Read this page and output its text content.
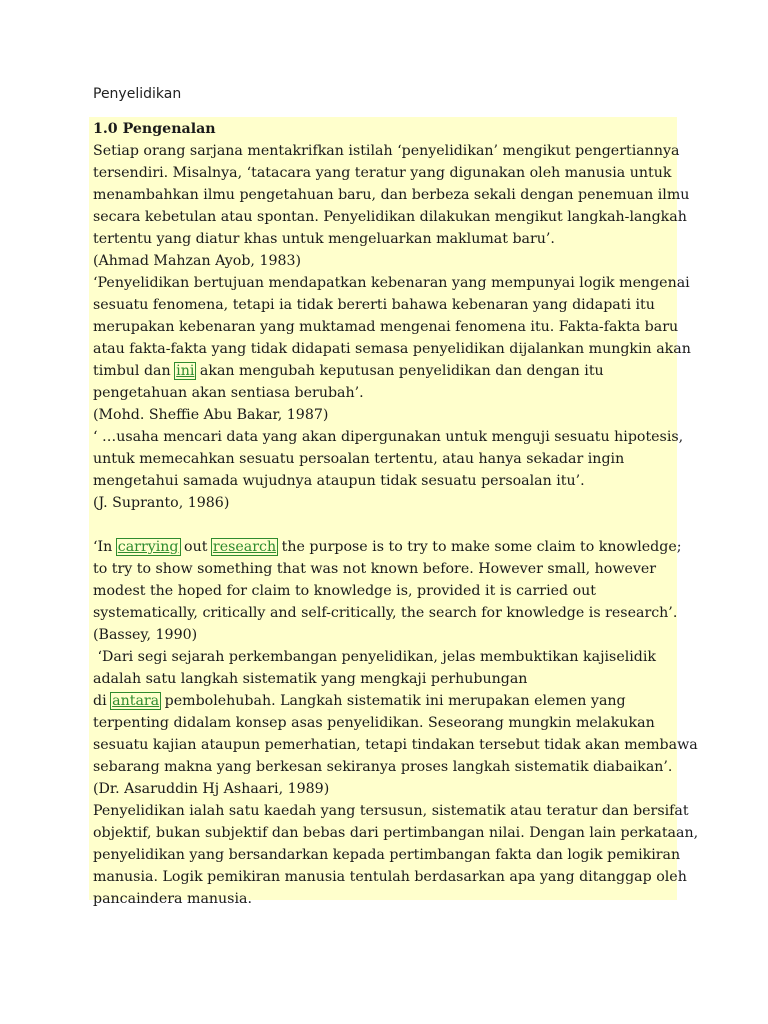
Penyelidikan
1.0 Pengenalan
Setiap orang sarjana mentakrifkan istilah ‘penyelidikan’ mengikut pengertiannya
tersendiri. Misalnya, ‘tatacara yang teratur yang digunakan oleh manusia untuk
menambahkan ilmu pengetahuan baru, dan berbeza sekali dengan penemuan ilmu
secara kebetulan atau spontan. Penyelidikan dilakukan mengikut langkah-langkah
tertentu yang diatur khas untuk mengeluarkan maklumat baru’.
(Ahmad Mahzan Ayob, 1983)
‘Penyelidikan bertujuan mendapatkan kebenaran yang mempunyai logik mengenai
sesuatu fenomena, tetapi ia tidak bererti bahawa kebenaran yang didapati itu
merupakan kebenaran yang muktamad mengenai fenomena itu. Fakta-fakta baru
atau fakta-fakta yang tidak didapati semasa penyelidikan dijalankan mungkin akan
timbul dan ini akan mengubah keputusan penyelidikan dan dengan itu
pengetahuan akan sentiasa berubah’.
(Mohd. Sheffie Abu Bakar, 1987)
‘ …usaha mencari data yang akan dipergunakan untuk menguji sesuatu hipotesis,
untuk memecahkan sesuatu persoalan tertentu, atau hanya sekadar ingin
mengetahui samada wujudnya ataupun tidak sesuatu persoalan itu’.
(J. Supranto, 1986)
‘In carrying out research the purpose is to try to make some claim to knowledge;
to try to show something that was not known before. However small, however
modest the hoped for claim to knowledge is, provided it is carried out
systematically, critically and self-critically, the search for knowledge is research’.
(Bassey, 1990)
‘Dari segi sejarah perkembangan penyelidikan, jelas membuktikan kajiselidik
adalah satu langkah sistematik yang mengkaji perhubungan
di antara pembolehubah. Langkah sistematik ini merupakan elemen yang
terpenting didalam konsep asas penyelidikan. Seseorang mungkin melakukan
sesuatu kajian ataupun pemerhatian, tetapi tindakan tersebut tidak akan membawa
sebarang makna yang berkesan sekiranya proses langkah sistematik diabaikan’.
(Dr. Asaruddin Hj Ashaari, 1989)
Penyelidikan ialah satu kaedah yang tersusun, sistematik atau teratur dan bersifat
objektif, bukan subjektif dan bebas dari pertimbangan nilai. Dengan lain perkataan,
penyelidikan yang bersandarkan kepada pertimbangan fakta dan logik pemikiran
manusia. Logik pemikiran manusia tentulah berdasarkan apa yang ditanggap oleh
pancaindera manusia.
